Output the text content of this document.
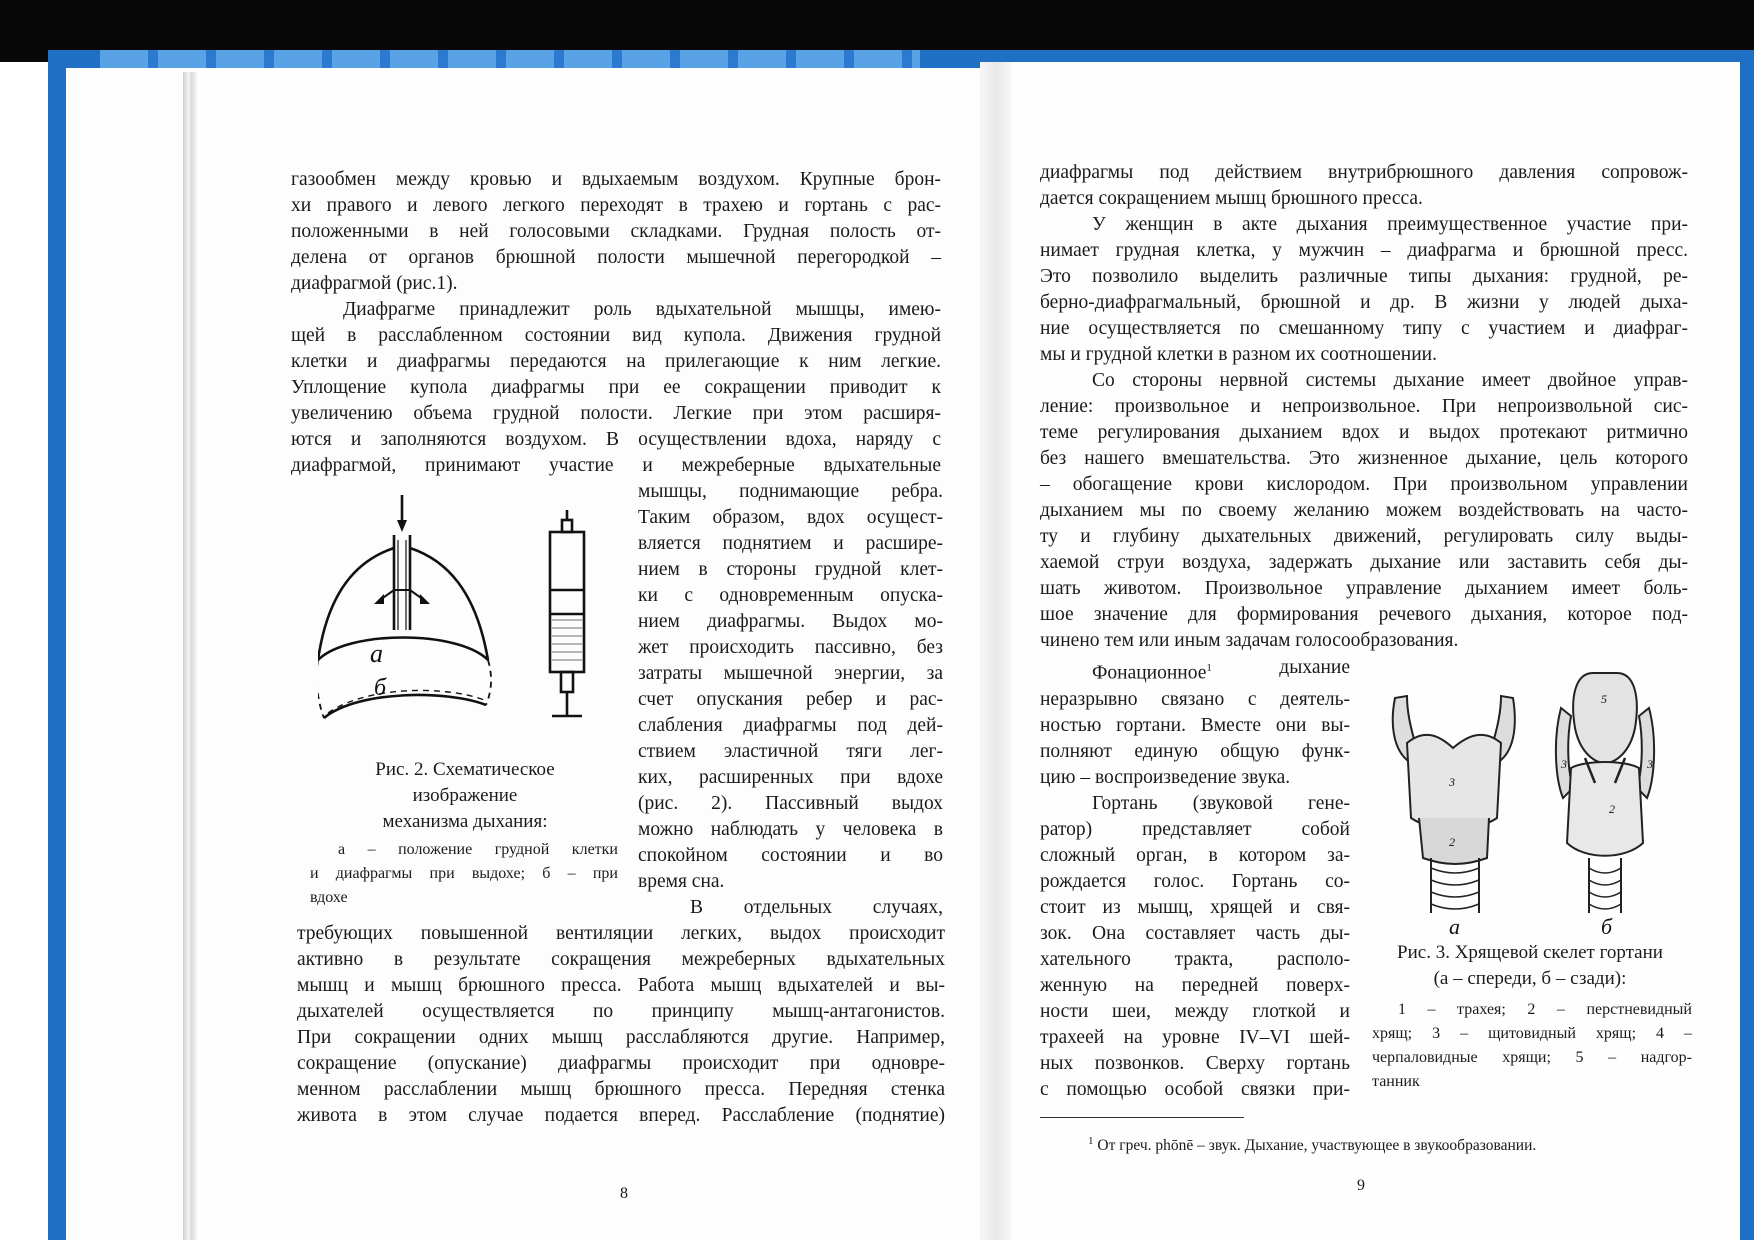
газообмен между кровью и вдыхаемым воздухом. Крупные брон-
хи правого и левого легкого переходят в трахею и гортань с рас-
положенными в ней голосовыми складками. Грудная полость от-
делена от органов брюшной полости мышечной перегородкой –
диафрагмой (рис.1).
Диафрагме принадлежит роль вдыхательной мышцы, имею-
щей в расслабленном состоянии вид купола. Движения грудной
клетки и диафрагмы передаются на прилегающие к ним легкие.
Уплощение купола диафрагмы при ее сокращении приводит к
увеличению объема грудной полости. Легкие при этом расширя-
ются и заполняются воздухом. В осуществлении вдоха, наряду с
диафрагмой, принимают участие и межреберные вдыхательные
мышцы, поднимающие ребра.
Таким образом, вдох осущест-
вляется поднятием и расшире-
нием в стороны грудной клет-
ки с одновременным опуска-
нием диафрагмы. Выдох мо-
жет происходить пассивно, без
затраты мышечной энергии, за
счет опускания ребер и рас-
слабления диафрагмы под дей-
ствием эластичной тяги лег-
ких, расширенных при вдохе
(рис. 2). Пассивный выдох
можно наблюдать у человека в
спокойном состоянии и во
время сна.
В отдельных случаях,
требующих повышенной вентиляции легких, выдох происходит
активно в результате сокращения межреберных вдыхательных
мышц и мышц брюшного пресса. Работа мышц вдыхателей и вы-
дыхателей осуществляется по принципу мышц-антагонистов.
При сокращении одних мышц расслабляются другие. Например,
сокращение (опускание) диафрагмы происходит при одновре-
менном расслаблении мышц брюшного пресса. Передняя стенка
живота в этом случае подается вперед. Расслабление (поднятие)
а
б
Рис. 2. Схематическое
изображение
механизма дыхания:
а – положение грудной клетки
и диафрагмы при выдохе; б – при
вдохе
8
диафрагмы под действием внутрибрюшного давления сопровож-
дается сокращением мышц брюшного пресса.
У женщин в акте дыхания преимущественное участие при-
нимает грудная клетка, у мужчин – диафрагма и брюшной пресс.
Это позволило выделить различные типы дыхания: грудной, ре-
берно-диафрагмальный, брюшной и др. В жизни у людей дыха-
ние осуществляется по смешанному типу с участием и диафраг-
мы и грудной клетки в разном их соотношении.
Со стороны нервной системы дыхание имеет двойное управ-
ление: произвольное и непроизвольное. При непроизвольной сис-
теме регулирования дыханием вдох и выдох протекают ритмично
без нашего вмешательства. Это жизненное дыхание, цель которого
– обогащение крови кислородом. При произвольном управлении
дыханием мы по своему желанию можем воздействовать на часто-
ту и глубину дыхательных движений, регулировать силу выды-
хаемой струи воздуха, задержать дыхание или заставить себя ды-
шать животом. Произвольное управление дыханием имеет боль-
шое значение для формирования речевого дыхания, которое под-
чинено тем или иным задачам голосообразования.
Фонационное$^1$	дыхание
неразрывно связано с деятель-
ностью гортани. Вместе они вы-
полняют единую общую функ-
цию – воспроизведение звука.
Гортань (звуковой гене-
ратор) представляет собой
сложный орган, в котором за-
рождается голос. Гортань со-
стоит из мышц, хрящей и свя-
зок. Она составляет часть ды-
хательного тракта, располо-
женную на передней поверх-
ности шеи, между глоткой и
трахеей на уровне IV–VI шей-
ных позвонков. Сверху гортань
с помощью особой связки при-
3
2
5
2
3	3
а	б
Рис. 3. Хрящевой скелет гортани
(а – спереди, б – сзади):
1 – трахея; 2 – перстневидный
хрящ; 3 – щитовидный хрящ; 4 –
черпаловидные хрящи; 5 – надгор-
танник
$^1$ От греч. phōnē – звук. Дыхание, участвующее в звукообразовании.
9
